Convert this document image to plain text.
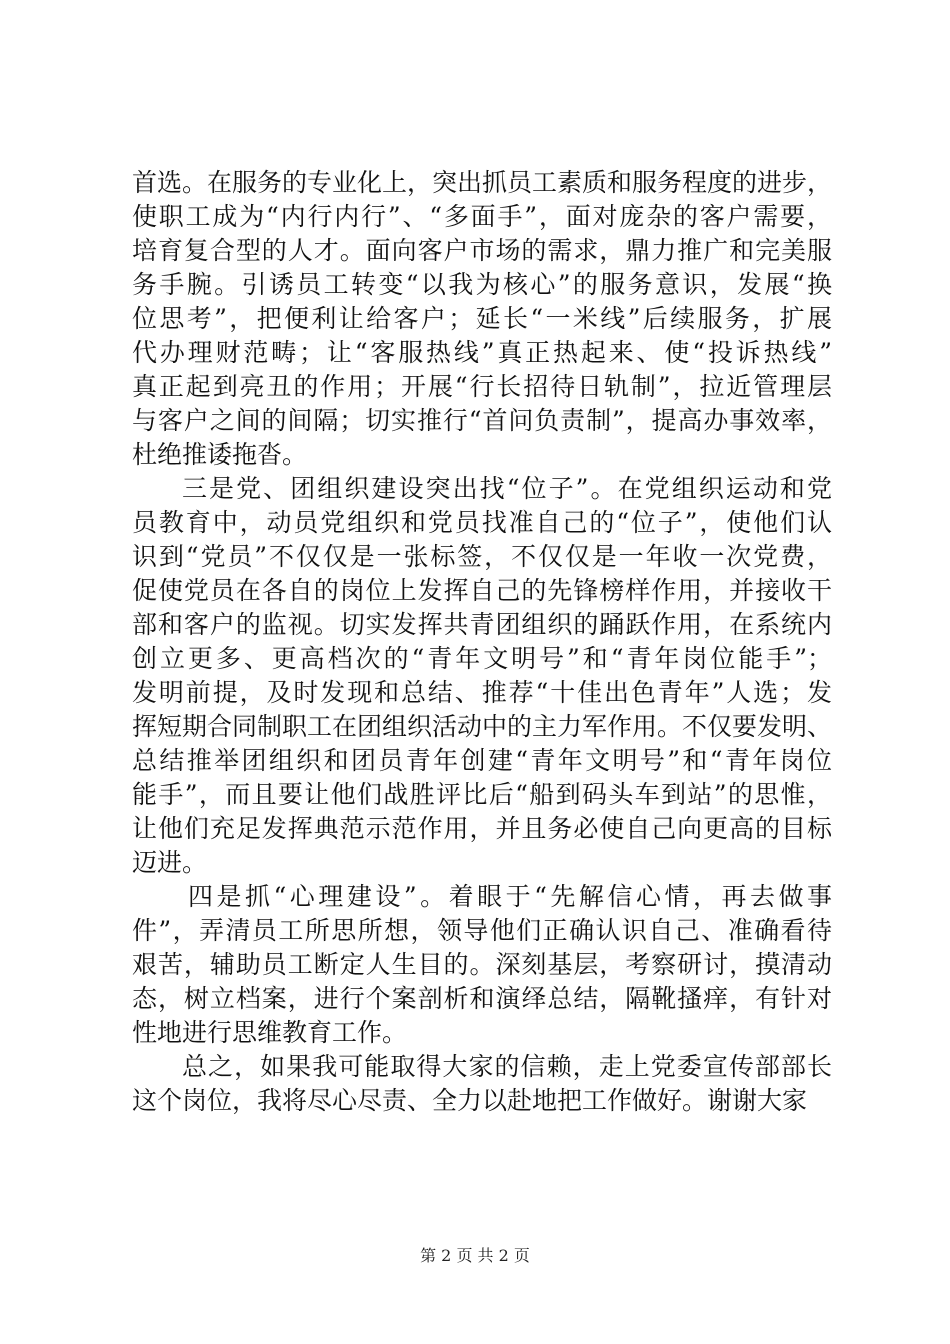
首选。在服务的专业化上，突出抓员工素质和服务程度的进步，
使职工成为“内行内行”、“多面手”，面对庞杂的客户需要，
培育复合型的人才。面向客户市场的需求，鼎力推广和完美服
务手腕。引诱员工转变“以我为核心”的服务意识，发展“换
位思考”，把便利让给客户；延长“一米线”后续服务，扩展
代办理财范畴；让“客服热线”真正热起来、使“投诉热线”
真正起到亮丑的作用；开展“行长招待日轨制”，拉近管理层
与客户之间的间隔；切实推行“首问负责制”，提高办事效率，
杜绝推诿拖沓。
三是党、团组织建设突出找“位子”。在党组织运动和党
员教育中，动员党组织和党员找准自己的“位子”，使他们认
识到“党员”不仅仅是一张标签，不仅仅是一年收一次党费，
促使党员在各自的岗位上发挥自己的先锋榜样作用，并接收干
部和客户的监视。切实发挥共青团组织的踊跃作用，在系统内
创立更多、更高档次的“青年文明号”和“青年岗位能手”；
发明前提，及时发现和总结、推荐“十佳出色青年”人选；发
挥短期合同制职工在团组织活动中的主力军作用。不仅要发明、
总结推举团组织和团员青年创建“青年文明号”和“青年岗位
能手”，而且要让他们战胜评比后“船到码头车到站”的思惟，
让他们充足发挥典范示范作用，并且务必使自己向更高的目标
迈进。
四是抓“心理建设”。着眼于“先解信心情，再去做事
件”，弄清员工所思所想，领导他们正确认识自己、准确看待
艰苦，辅助员工断定人生目的。深刻基层，考察研讨，摸清动
态，树立档案，进行个案剖析和演绎总结，隔靴搔痒，有针对
性地进行思维教育工作。
总之，如果我可能取得大家的信赖，走上党委宣传部部长
这个岗位，我将尽心尽责、全力以赴地把工作做好。谢谢大家
第 2 页 共 2 页
